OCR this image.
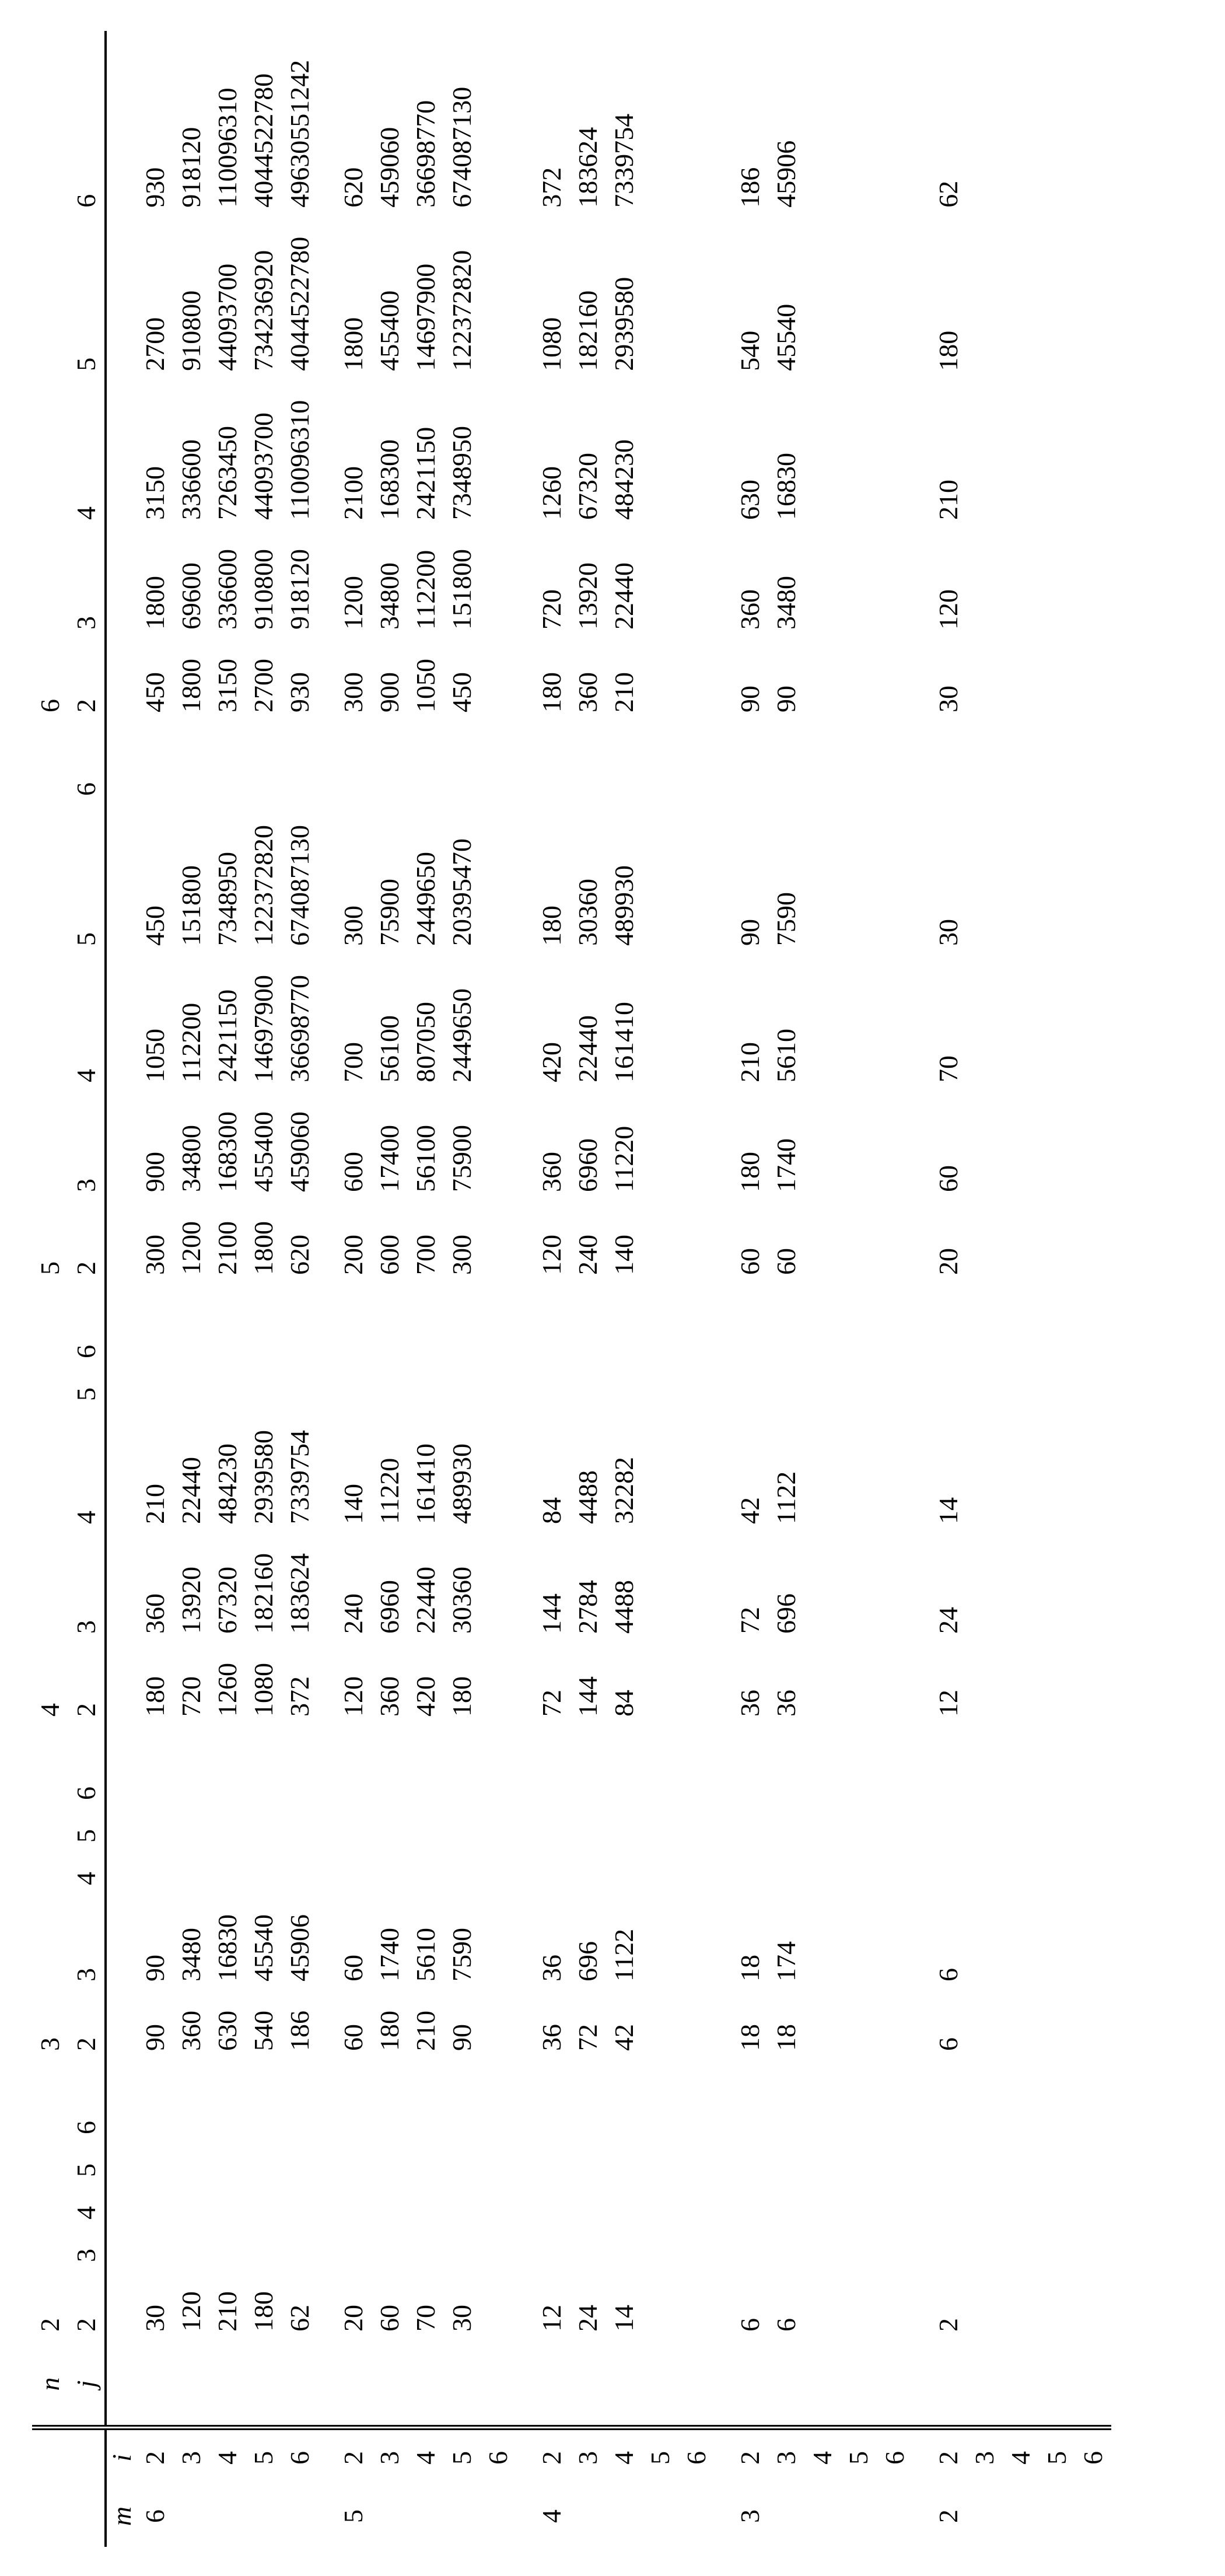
		n	2					3					4					5					6				
		j	2	3	4	5	6	2	3	4	5	6	2	3	4	5	6	2	3	4	5	6	2	3	4	5	6
m	i																										
6	2		30					90	90				180	360	210			300	900	1050	450		450	1800	3150	2700	930
	3		120					360	3480				720	13920	22440			1200	34800	112200	151800		1800	69600	336600	910800	918120
	4		210					630	16830				1260	67320	484230			2100	168300	2421150	7348950		3150	336600	7263450	44093700	110096310
	5		180					540	45540				1080	182160	2939580			1800	455400	14697900	122372820		2700	910800	44093700	734236920	4044522780
	6		62					186	45906				372	183624	7339754			620	459060	36698770	674087130		930	918120	110096310	4044522780	49630551242

5	2		20					60	60				120	240	140			200	600	700	300		300	1200	2100	1800	620
	3		60					180	1740				360	6960	11220			600	17400	56100	75900		900	34800	168300	455400	459060
	4		70					210	5610				420	22440	161410			700	56100	807050	2449650		1050	112200	2421150	14697900	36698770
	5		30					90	7590				180	30360	489930			300	75900	2449650	20395470		450	151800	7348950	122372820	674087130
	6																										

4	2		12					36	36				72	144	84			120	360	420	180		180	720	1260	1080	372
	3		24					72	696				144	2784	4488			240	6960	22440	30360		360	13920	67320	182160	183624
	4		14					42	1122				84	4488	32282			140	11220	161410	489930		210	22440	484230	2939580	7339754
	5																										
	6																										

3	2		6					18	18				36	72	42			60	180	210	90		90	360	630	540	186
	3		6					18	174				36	696	1122			60	1740	5610	7590		90	3480	16830	45540	45906
	4																										
	5																										
	6																										

2	2		2					6	6				12	24	14			20	60	70	30		30	120	210	180	62
	3																										
	4																										
	5																										
	6																										
